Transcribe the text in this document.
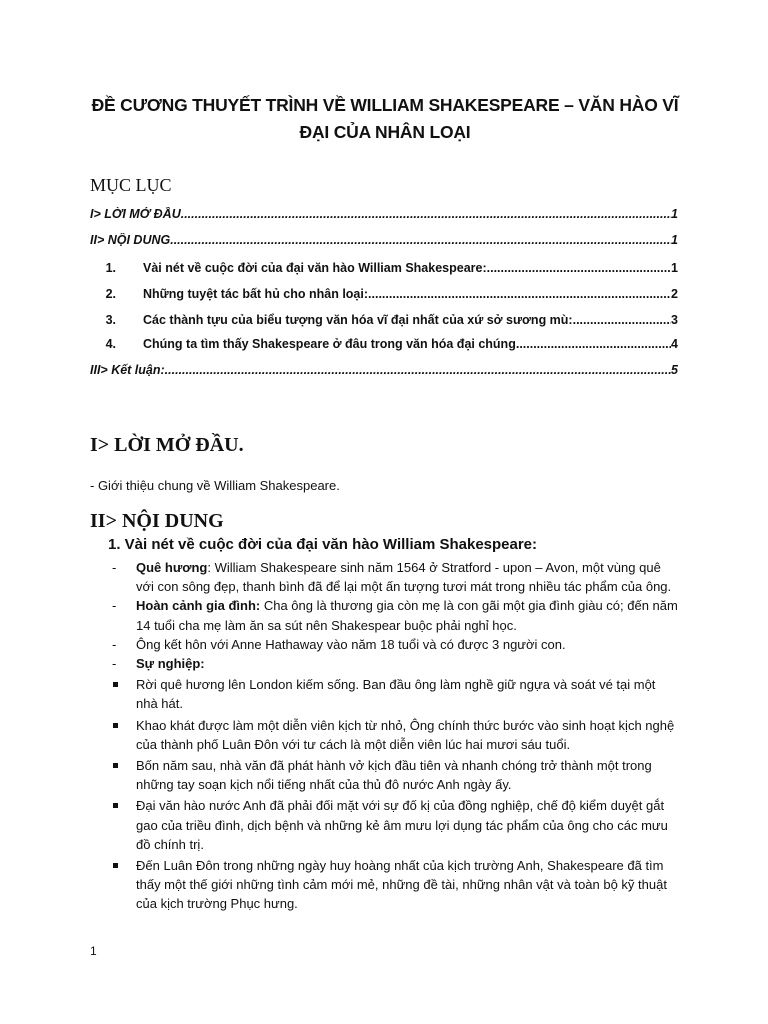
ĐỀ CƯƠNG THUYẾT TRÌNH VỀ WILLIAM SHAKESPEARE – VĂN HÀO VĨ ĐẠI CỦA NHÂN LOẠI
MỤC LỤC
I> LỜI MỞ ĐẦU .....	1
II> NỘI DUNG .....	1
1. Vài nét về cuộc đời của đại văn hào William Shakespeare: .....	1
2. Những tuyệt tác bất hủ cho nhân loại: .....	2
3. Các thành tựu của biểu tượng văn hóa vĩ đại nhất của xứ sở sương mù: .....	3
4. Chúng ta tìm thấy Shakespeare ở đâu trong văn hóa đại chúng .....	4
III> Kết luận: .....	5
I> LỜI MỞ ĐẦU.
- Giới thiệu chung về William Shakespeare.
II> NỘI DUNG
1. Vài nét về cuộc đời của đại văn hào William Shakespeare:
- Quê hương: William Shakespeare sinh năm 1564 ở Stratford - upon – Avon, một vùng quê với con sông đẹp, thanh bình đã để lại một ấn tượng tươi mát trong nhiều tác phẩm của ông.
- Hoàn cảnh gia đình: Cha ông là thương gia còn mẹ là con gãi một gia đình giàu có; đến năm 14 tuổi cha mẹ làm ăn sa sút nên Shakespear buộc phải nghỉ học.
- Ông kết hôn với Anne Hathaway vào năm 18 tuổi và có được 3 người con.
- Sự nghiệp:
Rời quê hương lên London kiếm sống. Ban đầu ông làm nghề giữ ngựa và soát vé tại một nhà hát.
Khao khát được làm một diễn viên kịch từ nhỏ, Ông chính thức bước vào sinh hoạt kịch nghệ của thành phố Luân Đôn với tư cách là một diễn viên lúc hai mươi sáu tuổi.
Bốn năm sau, nhà văn đã phát hành vở kịch đầu tiên và nhanh chóng trở thành một trong những tay soạn kịch nổi tiếng nhất của thủ đô nước Anh ngày ấy.
Đại văn hào nước Anh đã phải đối mặt với sự đố kị của đồng nghiệp, chế độ kiểm duyệt gắt gao của triều đình, dịch bệnh và những kẻ âm mưu lợi dụng tác phẩm của ông cho các mưu đồ chính trị.
Đến Luân Đôn trong những ngày huy hoàng nhất của kịch trường Anh, Shakespeare đã tìm thấy một thế giới những tình cảm mới mẻ, những đề tài, những nhân vật và toàn bộ kỹ thuật của kịch trường Phục hưng.
1
